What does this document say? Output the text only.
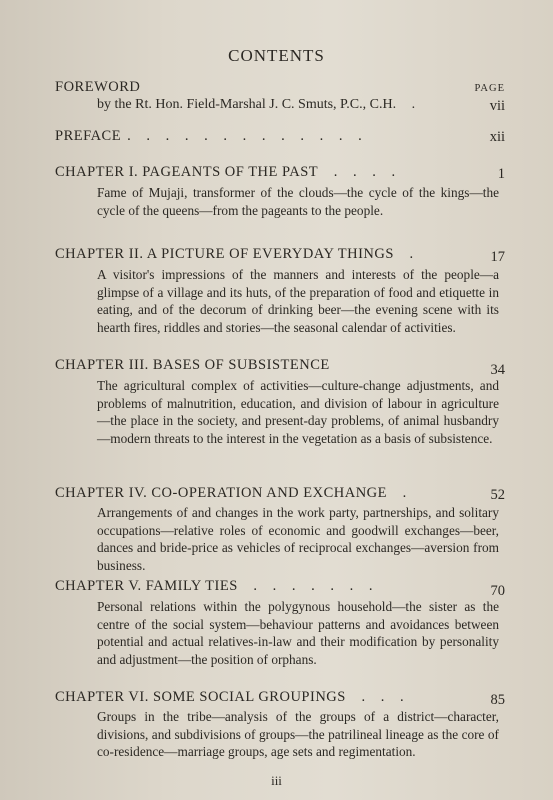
CONTENTS
PAGE
FOREWORD
by the Rt. Hon. Field-Marshal J. C. Smuts, P.C., C.H. .	vii
PREFACE . . . . . . . . . . . . .	xii
CHAPTER I. PAGEANTS OF THE PAST . . . .	1
Fame of Mujaji, transformer of the clouds—the cycle of the kings—the cycle of the queens—from the pageants to the people.
CHAPTER II. A PICTURE OF EVERYDAY THINGS .	17
A visitor's impressions of the manners and interests of the people—a glimpse of a village and its huts, of the preparation of food and etiquette in eating, and of the decorum of drinking beer—the evening scene with its hearth fires, riddles and stories—the seasonal calendar of activities.
CHAPTER III. BASES OF SUBSISTENCE	34
The agricultural complex of activities—culture-change adjustments, and problems of malnutrition, education, and division of labour in agriculture—the place in the society, and present-day problems, of animal husbandry—modern threats to the interest in the vegetation as a basis of subsistence.
CHAPTER IV. CO-OPERATION AND EXCHANGE .	52
Arrangements of and changes in the work party, partnerships, and solitary occupations—relative roles of economic and goodwill exchanges—beer, dances and bride-price as vehicles of reciprocal exchanges—aversion from business.
CHAPTER V. FAMILY TIES . . . . . . .	70
Personal relations within the polygynous household—the sister as the centre of the social system—behaviour patterns and avoidances between potential and actual relatives-in-law and their modification by personality and adjustment—the position of orphans.
CHAPTER VI. SOME SOCIAL GROUPINGS . . .	85
Groups in the tribe—analysis of the groups of a district—character, divisions, and subdivisions of groups—the patrilineal lineage as the core of co-residence—marriage groups, age sets and regimentation.
iii
